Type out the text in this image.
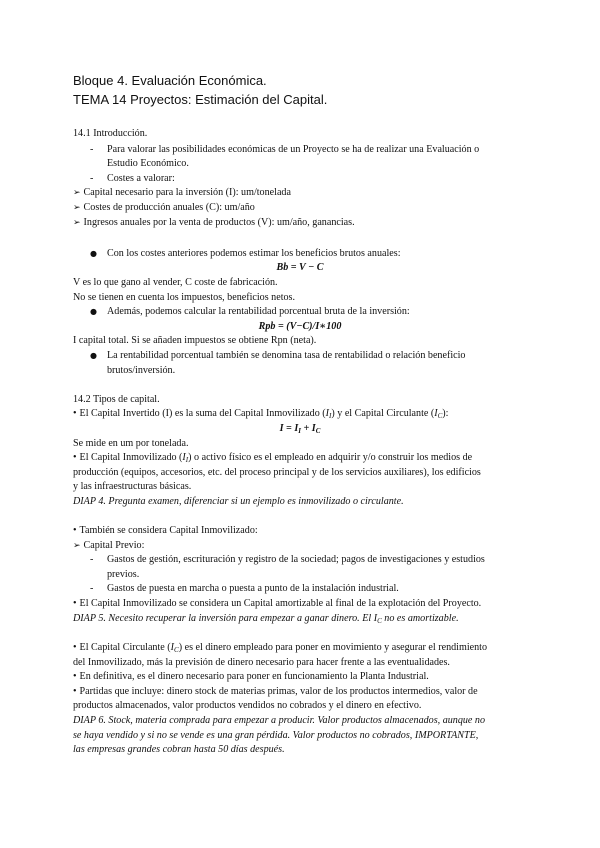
Bloque 4. Evaluación Económica.
TEMA 14 Proyectos: Estimación del Capital.
14.1 Introducción.
- Para valorar las posibilidades económicas de un Proyecto se ha de realizar una Evaluación o
Estudio Económico.
- Costes a valorar:
➢ Capital necesario para la inversión (I): um/tonelada
➢ Costes de producción anuales (C): um/año
➢ Ingresos anuales por la venta de productos (V): um/año, ganancias.
● Con los costes anteriores podemos estimar los beneficios brutos anuales:
Bb = V − C
V es lo que gano al vender, C coste de fabricación.
No se tienen en cuenta los impuestos, beneficios netos.
● Además, podemos calcular la rentabilidad porcentual bruta de la inversión:
Rpb = (V−C)/I∗100
I capital total. Si se añaden impuestos se obtiene Rpn (neta).
● La rentabilidad porcentual también se denomina tasa de rentabilidad o relación beneficio
brutos/inversión.
14.2 Tipos de capital.
• El Capital Invertido (I) es la suma del Capital Inmovilizado $(I_I)$ y el Capital Circulante $(I_C)$:
$I = I_I + I_C$
Se mide en um por tonelada.
• El Capital Inmovilizado $(I_I)$ o activo físico es el empleado en adquirir y/o construir los medios de
producción (equipos, accesorios, etc. del proceso principal y de los servicios auxiliares), los edificios
y las infraestructuras básicas.
DIAP 4. Pregunta examen, diferenciar si un ejemplo es inmovilizado o circulante.
• También se considera Capital Inmovilizado:
➢ Capital Previo:
- Gastos de gestión, escrituración y registro de la sociedad; pagos de investigaciones y estudios
previos.
- Gastos de puesta en marcha o puesta a punto de la instalación industrial.
• El Capital Inmovilizado se considera un Capital amortizable al final de la explotación del Proyecto.
DIAP 5. Necesito recuperar la inversión para empezar a ganar dinero. El $I_C$ no es amortizable.
• El Capital Circulante $(I_C)$ es el dinero empleado para poner en movimiento y asegurar el rendimiento
del Inmovilizado, más la previsión de dinero necesario para hacer frente a las eventualidades.
• En definitiva, es el dinero necesario para poner en funcionamiento la Planta Industrial.
• Partidas que incluye: dinero stock de materias primas, valor de los productos intermedios, valor de
productos almacenados, valor productos vendidos no cobrados y el dinero en efectivo.
DIAP 6. Stock, materia comprada para empezar a producir. Valor productos almacenados, aunque no
se haya vendido y si no se vende es una gran pérdida. Valor productos no cobrados, IMPORTANTE,
las empresas grandes cobran hasta 50 días después.
